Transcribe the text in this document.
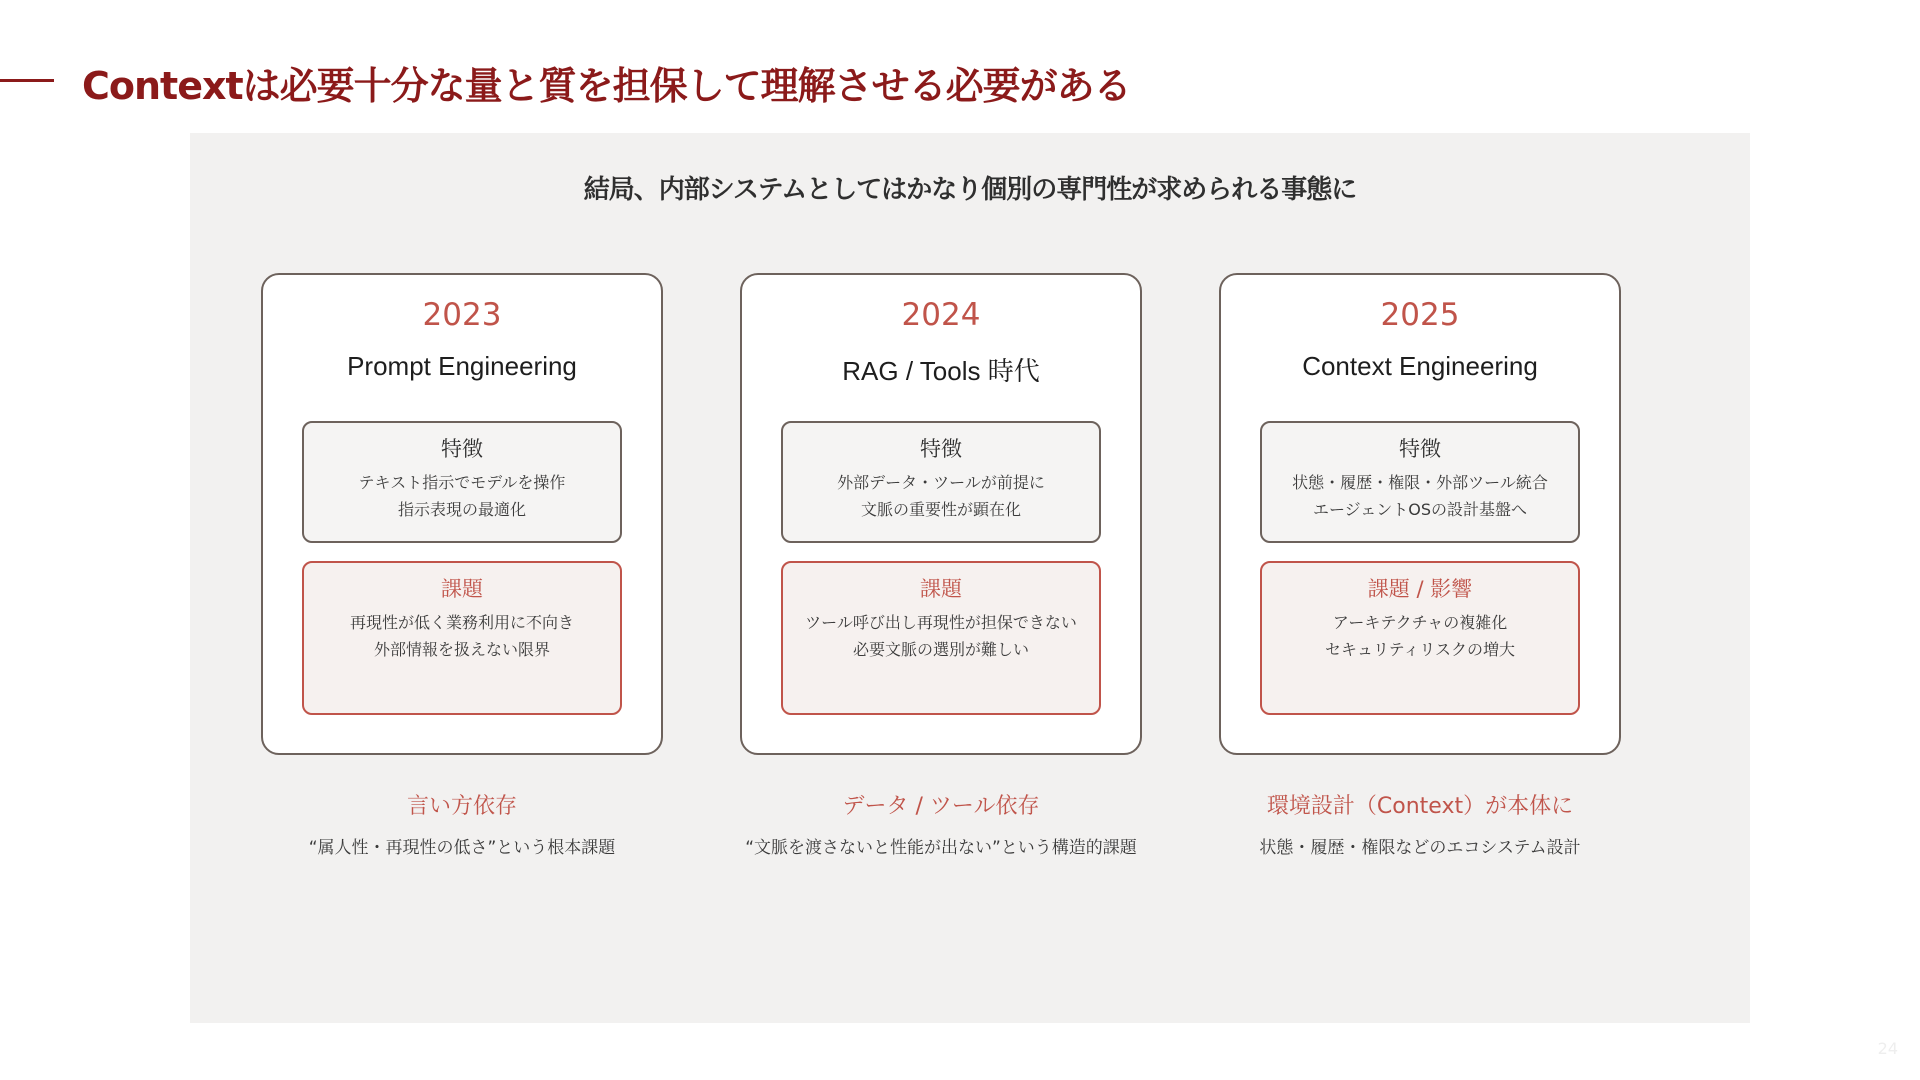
Contextは必要十分な量と質を担保して理解させる必要がある
結局、内部システムとしてはかなり個別の専門性が求められる事態に
2023
Prompt Engineering
特徴
テキスト指示でモデルを操作
指示表現の最適化
課題
再現性が低く業務利用に不向き
外部情報を扱えない限界
言い方依存
“属人性・再現性の低さ”という根本課題
2024
RAG / Tools 時代
特徴
外部データ・ツールが前提に
文脈の重要性が顕在化
課題
ツール呼び出し再現性が担保できない
必要文脈の選別が難しい
データ / ツール依存
“文脈を渡さないと性能が出ない”という構造的課題
2025
Context Engineering
特徴
状態・履歴・権限・外部ツール統合
エージェントOSの設計基盤へ
課題 / 影響
アーキテクチャの複雑化
セキュリティリスクの増大
環境設計（Context）が本体に
状態・履歴・権限などのエコシステム設計
24
